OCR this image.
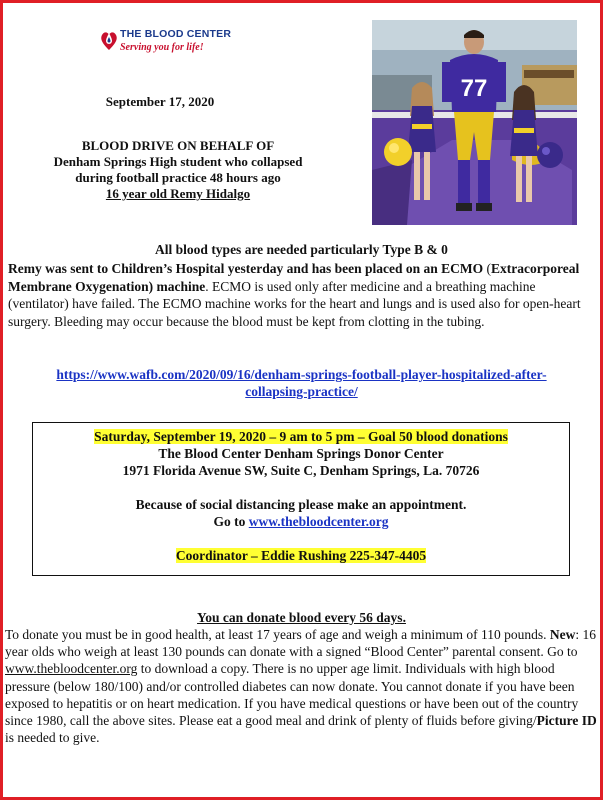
THE BLOOD CENTER
Serving you for life!
September 17, 2020
BLOOD DRIVE ON BEHALF OF
Denham Springs High student who collapsed
during football practice 48 hours ago
16 year old Remy Hidalgo
77
All blood types are needed particularly Type B & 0
Remy was sent to Children’s Hospital yesterday and has been placed on an ECMO (Extracorporeal Membrane Oxygenation) machine. ECMO is used only after medicine and a breathing machine (ventilator) have failed. The ECMO machine works for the heart and lungs and is used also for open-heart surgery. Bleeding may occur because the blood must be kept from clotting in the tubing.
https://www.wafb.com/2020/09/16/denham-springs-football-player-hospitalized-after-
collapsing-practice/
Saturday, September 19, 2020 – 9 am to 5 pm – Goal 50 blood donations
The Blood Center Denham Springs Donor Center
1971 Florida Avenue SW, Suite C, Denham Springs, La. 70726
Because of social distancing please make an appointment.
Go to www.thebloodcenter.org
Coordinator – Eddie Rushing 225-347-4405
You can donate blood every 56 days.
To donate you must be in good health, at least 17 years of age and weigh a minimum of 110 pounds. New: 16 year olds who weigh at least 130 pounds can donate with a signed “Blood Center” parental consent. Go to www.thebloodcenter.org to download a copy. There is no upper age limit. Individuals with high blood pressure (below 180/100) and/or controlled diabetes can now donate. You cannot donate if you have been exposed to hepatitis or on heart medication. If you have medical questions or have been out of the country since 1980, call the above sites. Please eat a good meal and drink of plenty of fluids before giving/Picture ID is needed to give.
